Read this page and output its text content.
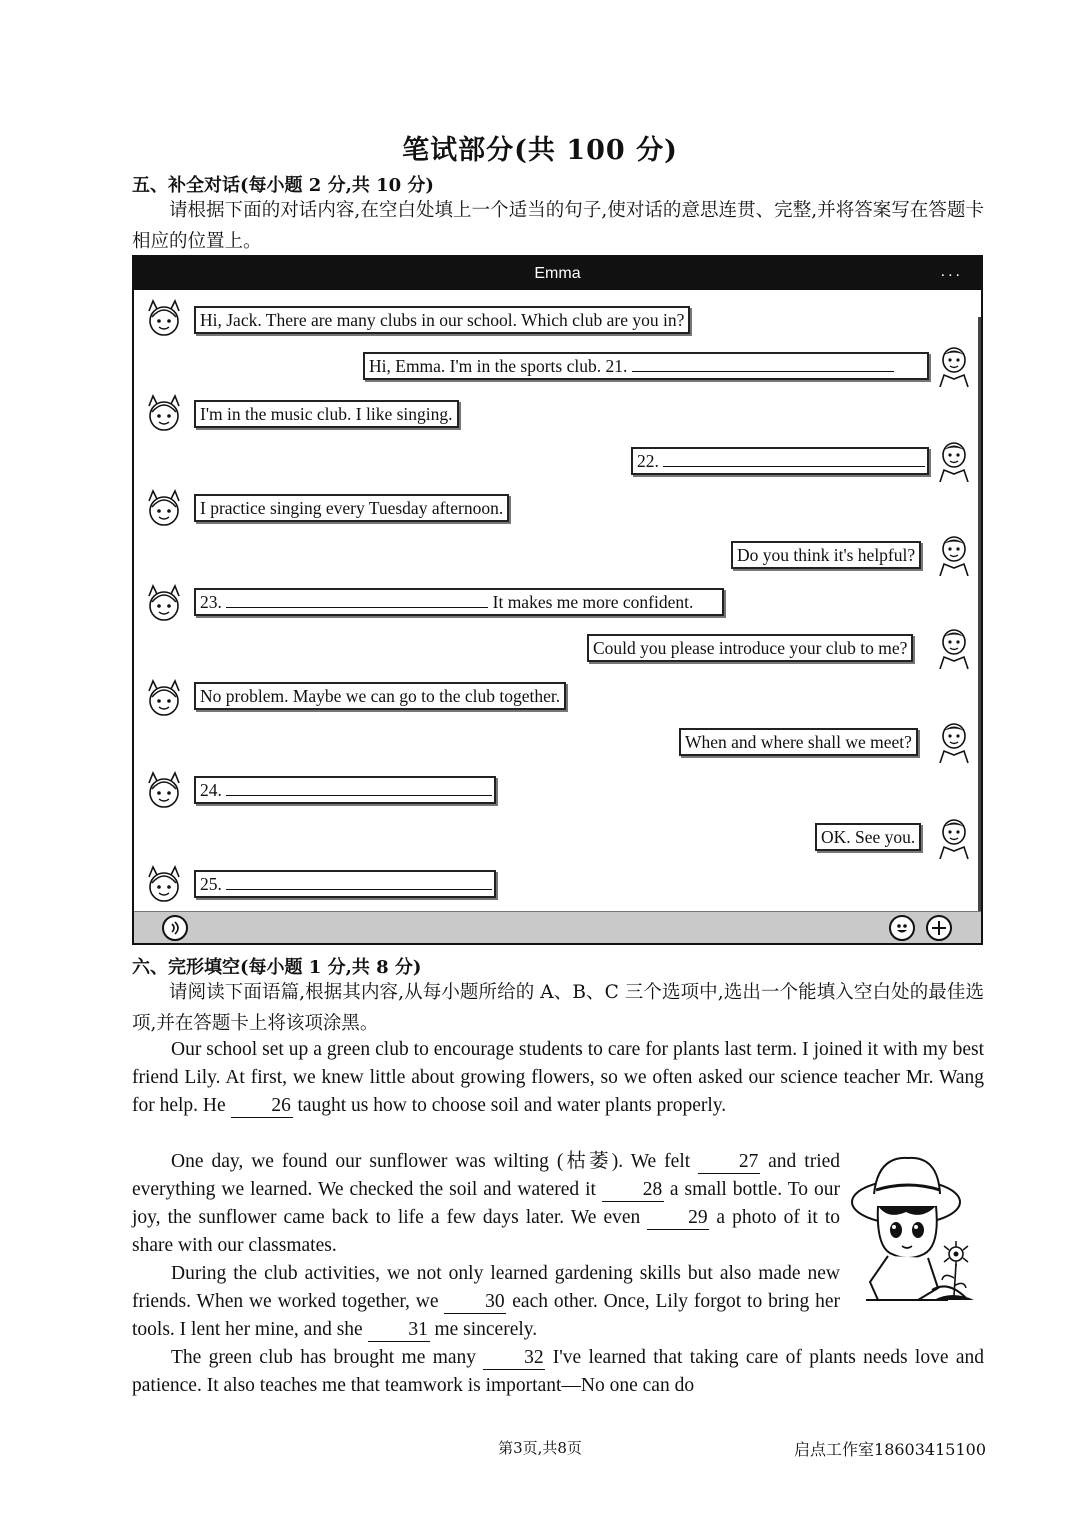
笔试部分(共 100 分)
五、补全对话(每小题 2 分,共 10 分)
请根据下面的对话内容,在空白处填上一个适当的句子,使对话的意思连贯、完整,并将答案写在答题卡相应的位置上。
Emma	...
Hi, Jack. There are many clubs in our school. Which club are you in?
Hi, Emma. I'm in the sports club. 21.
I'm in the music club. I like singing.
22.
I practice singing every Tuesday afternoon.
Do you think it's helpful?
23.	It makes me more confident.
Could you please introduce your club to me?
No problem. Maybe we can go to the club together.
When and where shall we meet?
24.
OK. See you.
25.
六、完形填空(每小题 1 分,共 8 分)
请阅读下面语篇,根据其内容,从每小题所给的 A、B、C 三个选项中,选出一个能填入空白处的最佳选项,并在答题卡上将该项涂黑。
Our school set up a green club to encourage students to care for plants last term. I joined it with my best friend Lily. At first, we knew little about growing flowers, so we often asked our science teacher Mr. Wang for help. He 26 taught us how to choose soil and water plants properly.
One day, we found our sunflower was wilting (枯萎). We felt 27 and tried everything we learned. We checked the soil and watered it 28 a small bottle. To our joy, the sunflower came back to life a few days later. We even 29 a photo of it to share with our classmates.
During the club activities, we not only learned gardening skills but also made new friends. When we worked together, we 30 each other. Once, Lily forgot to bring her tools. I lent her mine, and she 31 me sincerely.
The green club has brought me many 32 I've learned that taking care of plants needs love and patience. It also teaches me that teamwork is important—No one can do
第3页,共8页	启点工作室18603415100
